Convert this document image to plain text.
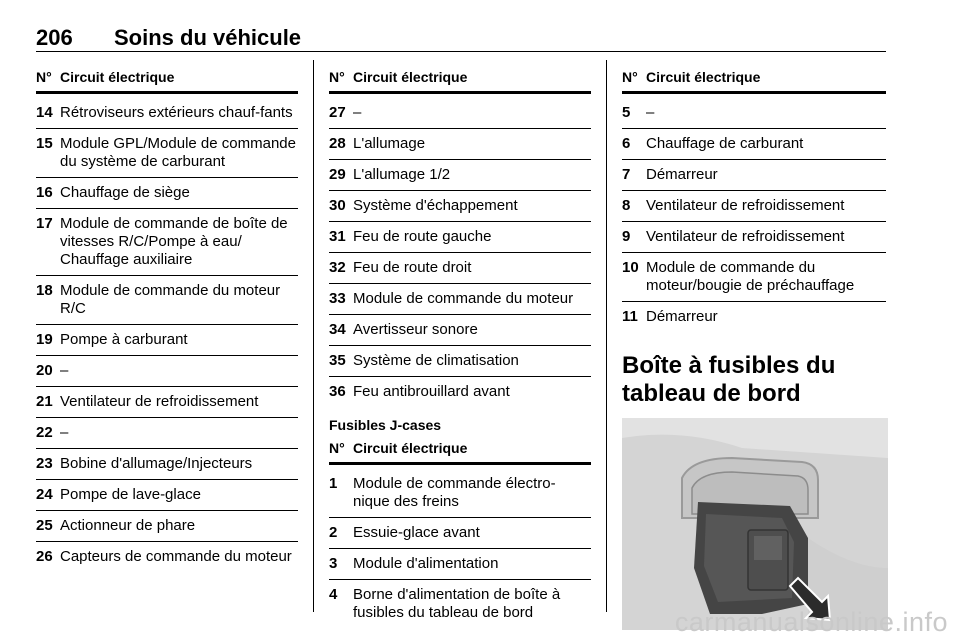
206 Soins du véhicule
N° Circuit électrique
14 Rétroviseurs extérieurs chauf-fants
15 Module GPL/Module de commande du système de carburant
16 Chauffage de siège
17 Module de commande de boîte de vitesses R/C/Pompe à eau/ Chauffage auxiliaire
18 Module de commande du moteur R/C
19 Pompe à carburant
20 –
21 Ventilateur de refroidissement
22 –
23 Bobine d'allumage/Injecteurs
24 Pompe de lave-glace
25 Actionneur de phare
26 Capteurs de commande du moteur
N° Circuit électrique
27 –
28 L'allumage
29 L'allumage 1/2
30 Système d'échappement
31 Feu de route gauche
32 Feu de route droit
33 Module de commande du moteur
34 Avertisseur sonore
35 Système de climatisation
36 Feu antibrouillard avant
Fusibles J-cases
N° Circuit électrique
1	Module de commande électro-nique des freins
2	Essuie-glace avant
3	Module d'alimentation
4	Borne d'alimentation de boîte à fusibles du tableau de bord
N° Circuit électrique
5	–
6	Chauffage de carburant
7	Démarreur
8	Ventilateur de refroidissement
9	Ventilateur de refroidissement
10 Module de commande du moteur/bougie de préchauffage
11 Démarreur
Boîte à fusibles du tableau de bord
carmanualsonline.info
